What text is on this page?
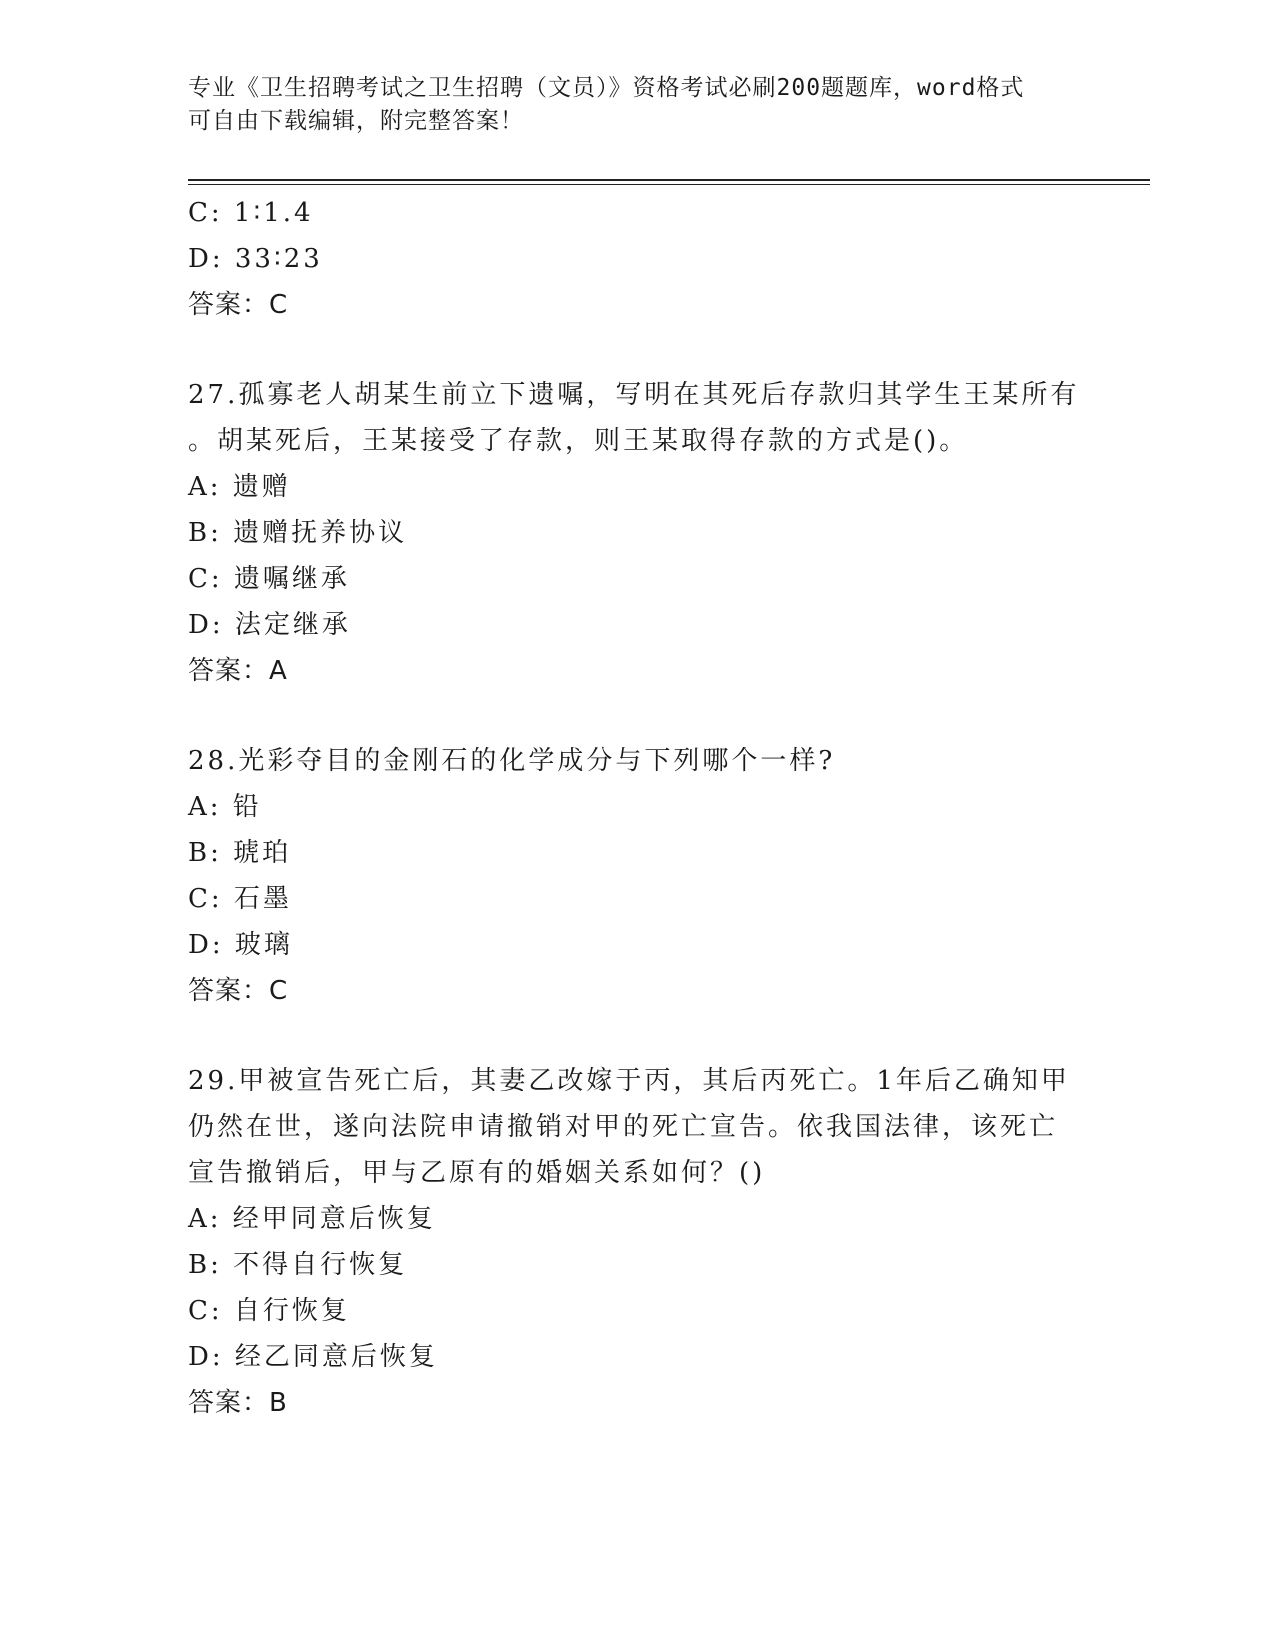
专业《卫生招聘考试之卫生招聘（文员）》资格考试必刷200题题库，word格式
可自由下载编辑，附完整答案！
C: 1∶1.4
D: 33∶23
答案：C
27.孤寡老人胡某生前立下遗嘱，写明在其死后存款归其学生王某所有
。胡某死后，王某接受了存款，则王某取得存款的方式是()。
A: 遗赠
B: 遗赠抚养协议
C: 遗嘱继承
D: 法定继承
答案：A
28.光彩夺目的金刚石的化学成分与下列哪个一样?
A: 铅
B: 琥珀
C: 石墨
D: 玻璃
答案：C
29.甲被宣告死亡后，其妻乙改嫁于丙，其后丙死亡。1年后乙确知甲
仍然在世，遂向法院申请撤销对甲的死亡宣告。依我国法律，该死亡
宣告撤销后，甲与乙原有的婚姻关系如何？()
A: 经甲同意后恢复
B: 不得自行恢复
C: 自行恢复
D: 经乙同意后恢复
答案：B
